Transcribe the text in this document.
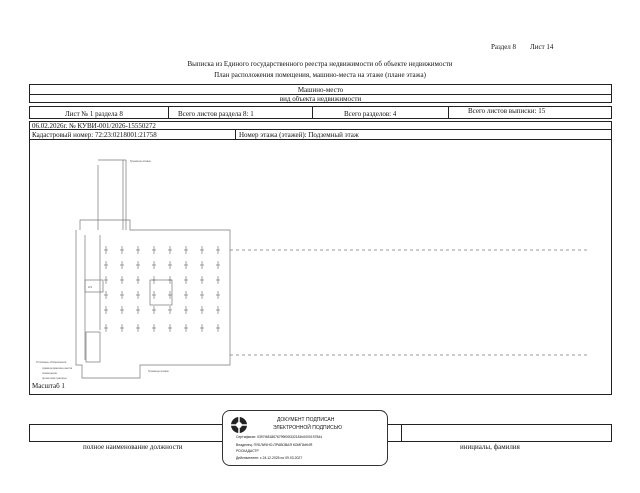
Раздел 8 Лист 14
Выписка из Единого государственного реестра недвижимости об объекте недвижимости
План расположения помещения, машино-места на этаже (плане этажа)
Машино-место
вид объекта недвижимости
Лист № 1 раздела 8	Всего листов раздела 8: 1	Всего разделов: 4	Всего листов выписки: 15
06.02.2026г. № КУВИ-001/2026-15550272
Кадастровый номер: 72:23:0218001:21758	Номер этажа (этажей): Подземный этаж
Граница этажа
Граница этажа
2/1
Условные обозначения
граница машино-места
помещение
проектная граница
Масштаб 1
полное наименование должности	инициалы, фамилия
ДОКУМЕНТ ПОДПИСАН
ЭЛЕКТРОННОЙ ПОДПИСЬЮ
Сертификат: 0397f4818676799f00f332181b0000197844
Владелец: ПУБЛИЧНО-ПРАВОВАЯ КОМПАНИЯ
РОСКАДАСТР
Действителен: с 24.12.2025 по 09.03.2027
